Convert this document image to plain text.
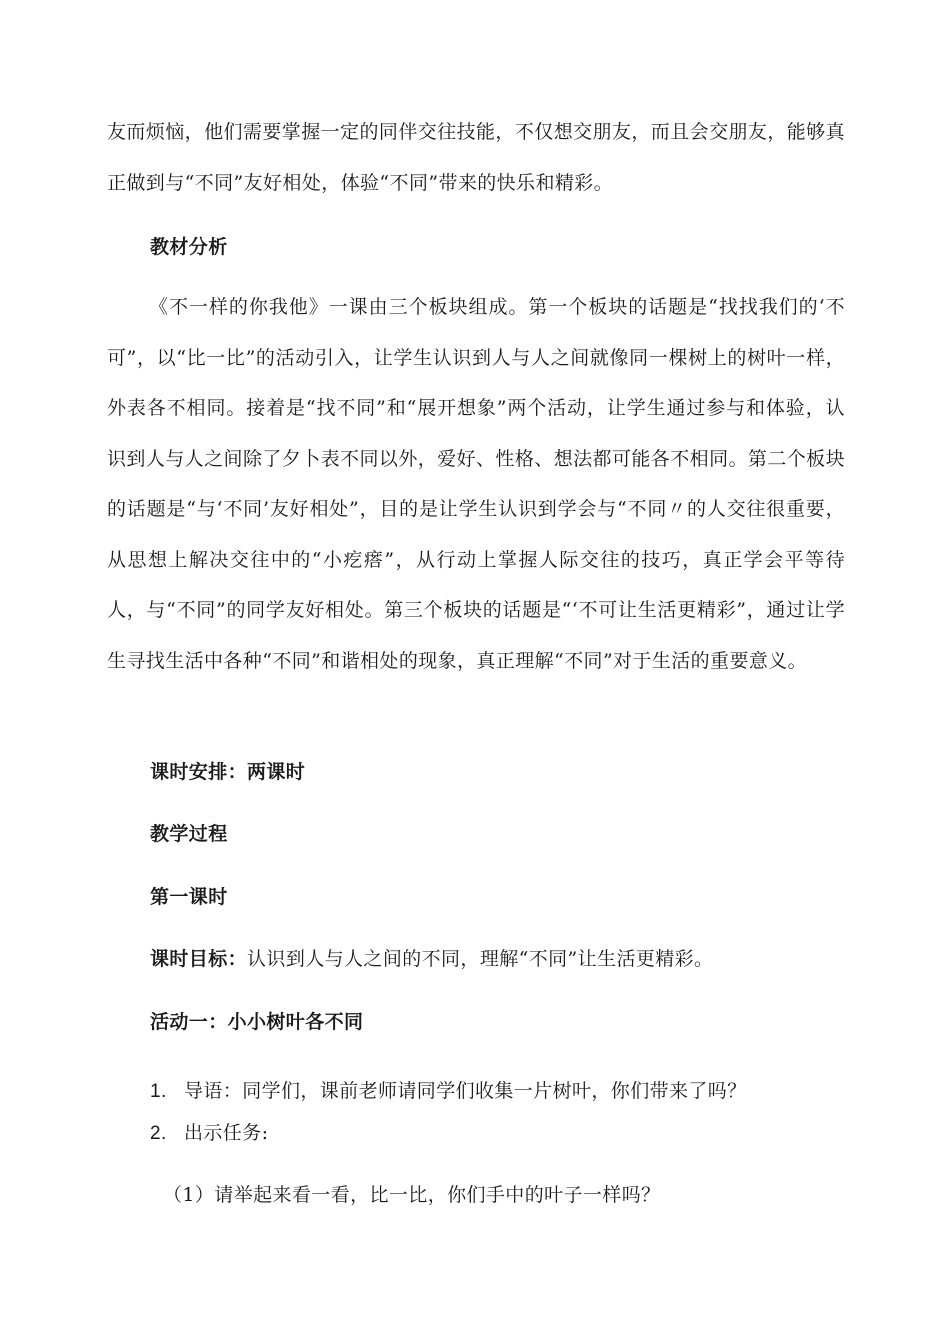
友而烦恼，他们需要掌握一定的同伴交往技能，不仅想交朋友，而且会交朋友，能够真正做到与“不同”友好相处，体验“不同”带来的快乐和精彩。

教材分析

《不一样的你我他》一课由三个板块组成。第一个板块的话题是“找找我们的‘不可”，以“比一比”的活动引入，让学生认识到人与人之间就像同一棵树上的树叶一样，外表各不相同。接着是“找不同”和“展开想象”两个活动，让学生通过参与和体验，认识到人与人之间除了夕卜表不同以外，爱好、性格、想法都可能各不相同。第二个板块的话题是“与‘不同’友好相处”，目的是让学生认识到学会与“不同〃的人交往很重要，从思想上解决交往中的“小疙瘩”，从行动上掌握人际交往的技巧，真正学会平等待人，与“不同”的同学友好相处。第三个板块的话题是“‘不可让生活更精彩”，通过让学生寻找生活中各种“不同”和谐相处的现象，真正理解“不同”对于生活的重要意义。

课时安排：两课时
教学过程
第一课时
课时目标：认识到人与人之间的不同，理解“不同”让生活更精彩。
活动一：小小树叶各不同
1. 导语：同学们，课前老师请同学们收集一片树叶，你们带来了吗？
2. 出示任务:
（1）请举起来看一看，比一比，你们手中的叶子一样吗？
